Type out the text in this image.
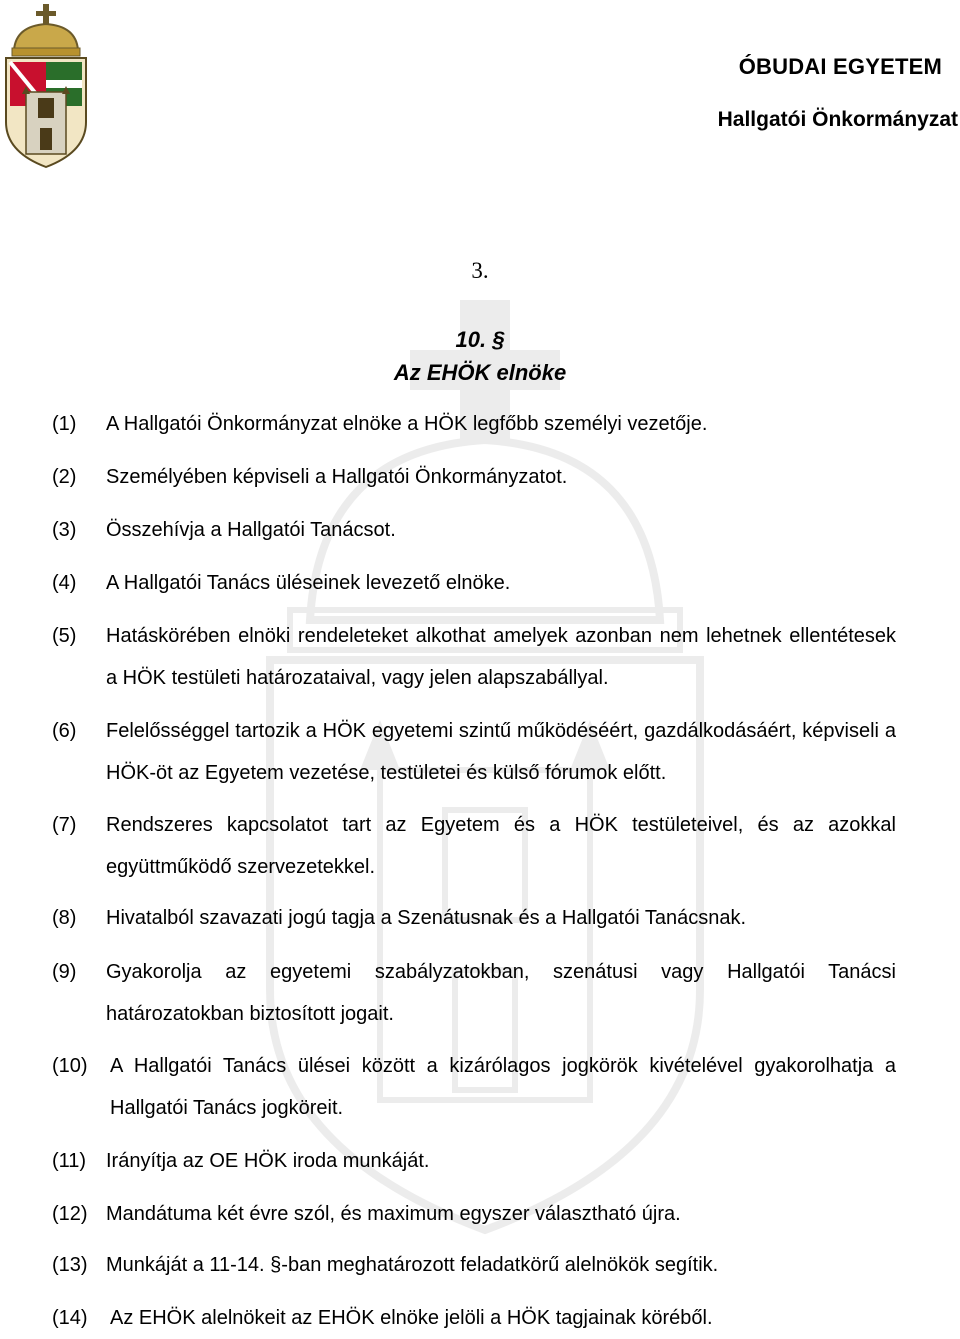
ÓBUDAI EGYETEM
Hallgatói Önkormányzat
3.
10. §
Az EHÖK elnöke
(1) A Hallgatói Önkormányzat elnöke a HÖK legfőbb személyi vezetője.
(2) Személyében képviseli a Hallgatói Önkormányzatot.
(3) Összehívja a Hallgatói Tanácsot.
(4) A Hallgatói Tanács üléseinek levezető elnöke.
(5) Hatáskörében elnöki rendeleteket alkothat amelyek azonban nem lehetnek ellentétesek a HÖK testületi határozataival, vagy jelen alapszabállyal.
(6) Felelősséggel tartozik a HÖK egyetemi szintű működéséért, gazdálkodásáért, képviseli a HÖK-öt az Egyetem vezetése, testületei és külső fórumok előtt.
(7) Rendszeres kapcsolatot tart az Egyetem és a HÖK testületeivel, és az azokkal együttműködő szervezetekkel.
(8) Hivatalból szavazati jogú tagja a Szenátusnak és a Hallgatói Tanácsnak.
(9) Gyakorolja az egyetemi szabályzatokban, szenátusi vagy Hallgatói Tanácsi határozatokban biztosított jogait.
(10) A Hallgatói Tanács ülései között a kizárólagos jogkörök kivételével gyakorolhatja a Hallgatói Tanács jogköreit.
(11) Irányítja az OE HÖK iroda munkáját.
(12) Mandátuma két évre szól, és maximum egyszer választható újra.
(13) Munkáját a 11-14. §-ban meghatározott feladatkörű alelnökök segítik.
(14) Az EHÖK alelnökeit az EHÖK elnöke jelöli a HÖK tagjainak köréből.
